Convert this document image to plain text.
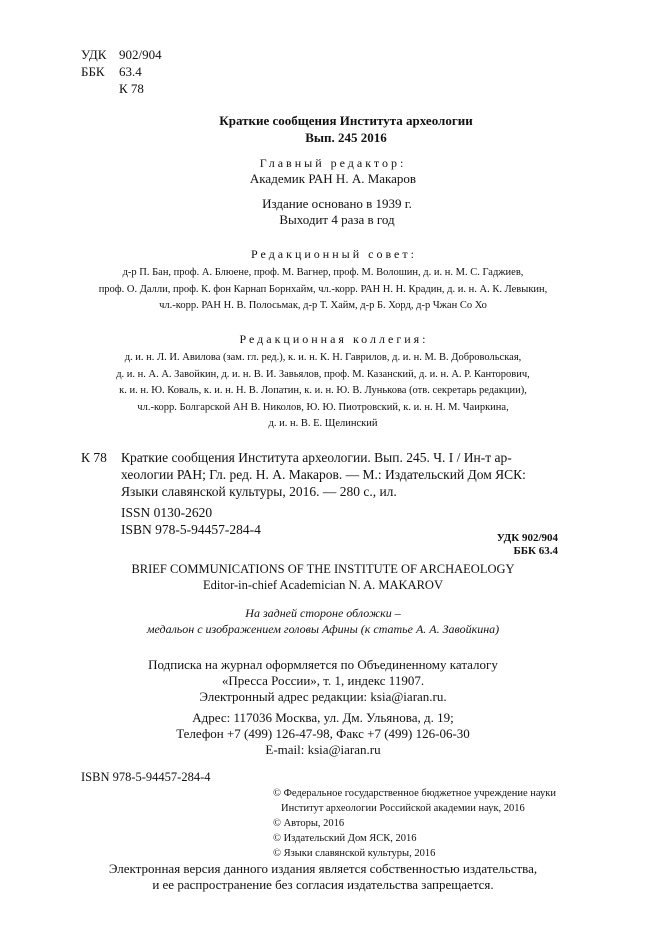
УДК 902/904
ББК	63.4
К 78
Краткие сообщения Института археологии
Вып. 245 2016
Главный редактор:
Академик РАН Н. А. Макаров
Издание основано в 1939 г.
Выходит 4 раза в год
Редакционный совет:
д-р П. Бан, проф. А. Блюене, проф. М. Вагнер, проф. М. Волошин, д. и. н. М. С. Гаджиев,
проф. О. Далли, проф. К. фон Карнап Борнхайм, чл.-корр. РАН Н. Н. Крадин, д. и. н. А. К. Левыкин,
чл.-корр. РАН Н. В. Полосьмак, д-р Т. Хайм, д-р Б. Хорд, д-р Чжан Со Хо
Редакционная коллегия:
д. и. н. Л. И. Авилова (зам. гл. ред.), к. и. н. К. Н. Гаврилов, д. и. н. М. В. Добровольская,
д. и. н. А. А. Завойкин, д. и. н. В. И. Завьялов, проф. М. Казанский, д. и. н. А. Р. Канторович,
к. и. н. Ю. Коваль, к. и. н. Н. В. Лопатин, к. и. н. Ю. В. Лунькова (отв. секретарь редакции),
чл.-корр. Болгарской АН В. Николов, Ю. Ю. Пиотровский, к. и. н. Н. М. Чаиркина,
д. и. н. В. Е. Щелинский
К 78 Краткие сообщения Института археологии. Вып. 245. Ч. I / Ин-т ар-
хеологии РАН; Гл. ред. Н. А. Макаров. — М.: Издательский Дом ЯСК:
Языки славянской культуры, 2016. — 280 с., ил.
ISSN 0130-2620
ISBN 978-5-94457-284-4
УДК 902/904
ББК 63.4
BRIEF COMMUNICATIONS OF THE INSTITUTE OF ARCHAEOLOGY
Editor-in-chief Academician N. A. MAKAROV
На задней стороне обложки –
медальон с изображением головы Афины (к статье А. А. Завойкина)
Подписка на журнал оформляется по Объединенному каталогу
«Пресса России», т. 1, индекс 11907.
Электронный адрес редакции: ksia@iaran.ru.
Адрес: 117036 Москва, ул. Дм. Ульянова, д. 19;
Телефон +7 (499) 126-47-98, Факс +7 (499) 126-06-30
E-mail: ksia@iaran.ru
ISBN 978-5-94457-284-4
© Федеральное государственное бюджетное учреждение науки
Институт археологии Российской академии наук, 2016
© Авторы, 2016
© Издательский Дом ЯСК, 2016
© Языки славянской культуры, 2016
Электронная версия данного издания является собственностью издательства,
и ее распространение без согласия издательства запрещается.
